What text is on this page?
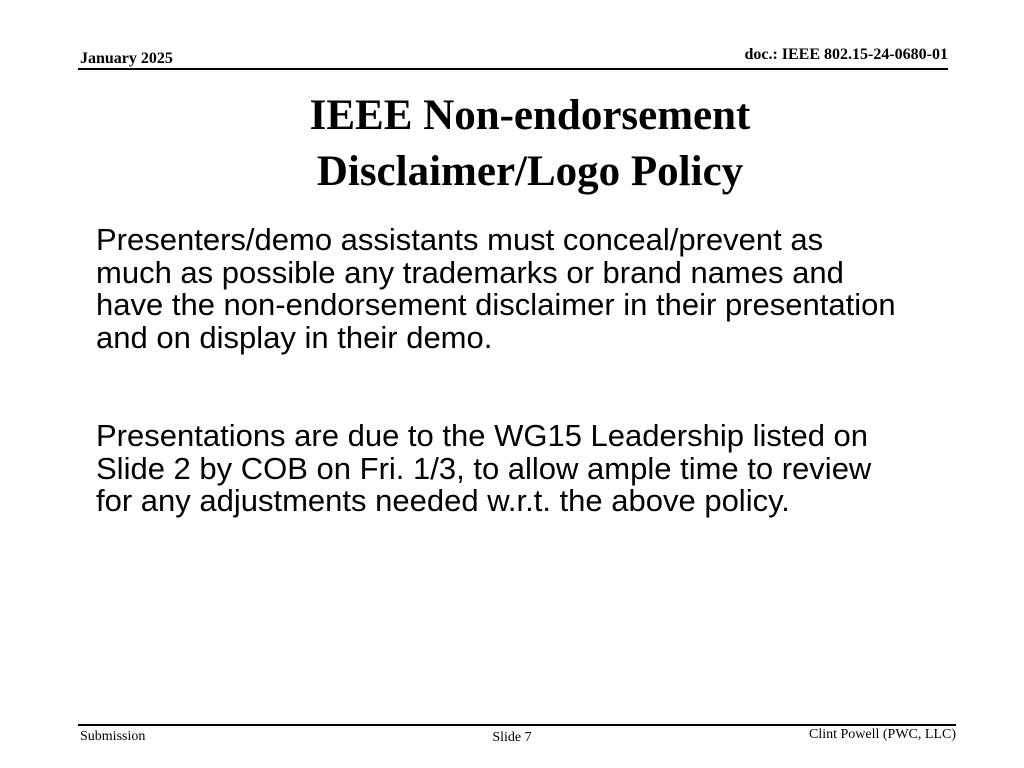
January 2025	doc.: IEEE 802.15-24-0680-01
IEEE Non-endorsement
Disclaimer/Logo Policy
Presenters/demo assistants must conceal/prevent as
much as possible any trademarks or brand names and
have the non-endorsement disclaimer in their presentation
and on display in their demo.
Presentations are due to the WG15 Leadership listed on
Slide 2 by COB on Fri. 1/3, to allow ample time to review
for any adjustments needed w.r.t. the above policy.
Submission	Slide 7	Clint Powell (PWC, LLC)
